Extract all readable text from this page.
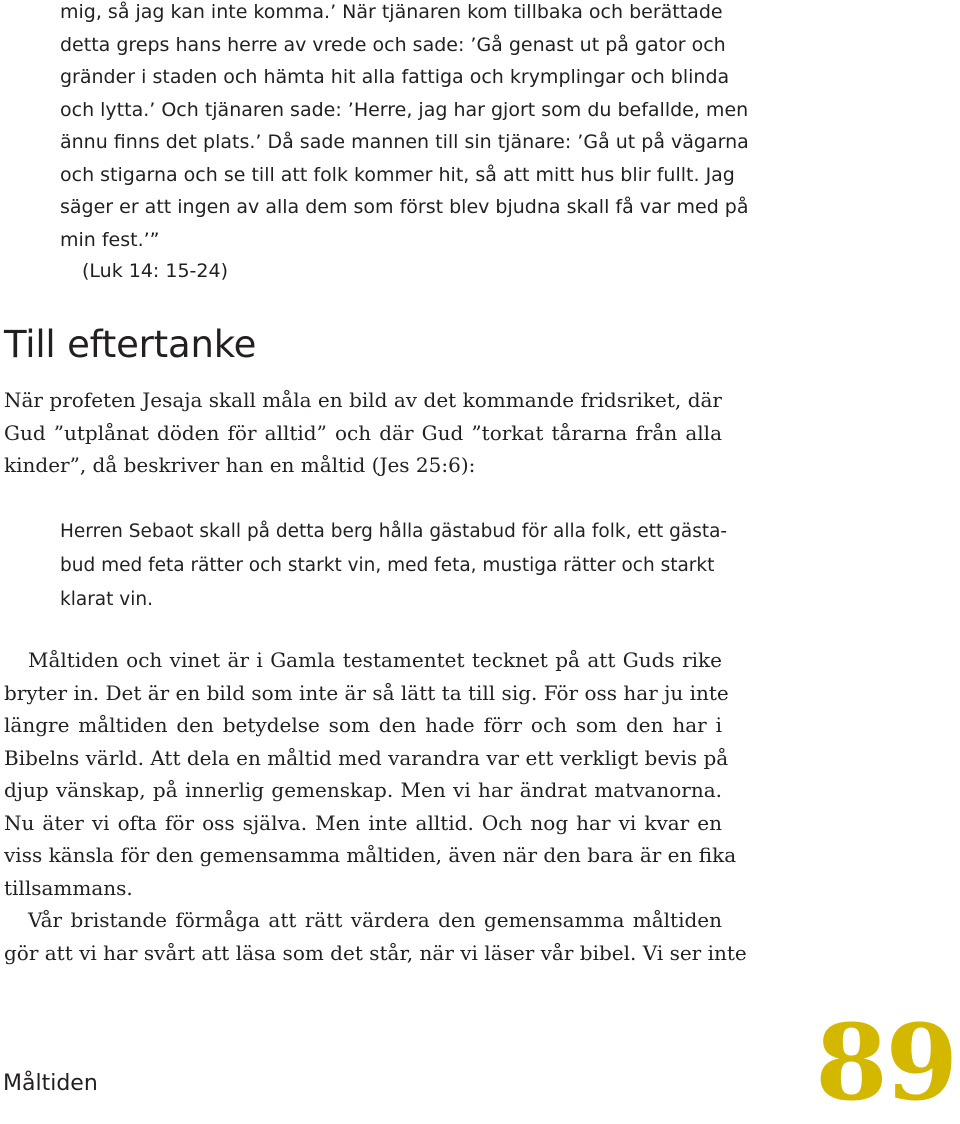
mig, så jag kan inte komma.’ När tjänaren kom tillbaka och berättade
detta greps hans herre av vrede och sade: ’Gå genast ut på gator och
gränder i staden och hämta hit alla fattiga och krymplingar och blinda
och lytta.’ Och tjänaren sade: ’Herre, jag har gjort som du befallde, men
ännu finns det plats.’ Då sade mannen till sin tjänare: ’Gå ut på vägarna
och stigarna och se till att folk kommer hit, så att mitt hus blir fullt. Jag
säger er att ingen av alla dem som först blev bjudna skall få var med på
min fest.’”

(Luk 14: 15-24)

Till eftertanke
När profeten Jesaja skall måla en bild av det kommande fridsriket, där
Gud ”utplånat döden för alltid” och där Gud ”torkat tårarna från alla
kinder”, då beskriver han en måltid (Jes 25:6):
Herren Sebaot skall på detta berg hålla gästabud för alla folk, ett gästa-
bud med feta rätter och starkt vin, med feta, mustiga rätter och starkt
klarat vin.
Måltiden och vinet är i Gamla testamentet tecknet på att Guds rike
bryter in. Det är en bild som inte är så lätt ta till sig. För oss har ju inte
längre måltiden den betydelse som den hade förr och som den har i
Bibelns värld. Att dela en måltid med varandra var ett verkligt bevis på
djup vänskap, på innerlig gemenskap. Men vi har ändrat matvanorna.
Nu äter vi ofta för oss själva. Men inte alltid. Och nog har vi kvar en
viss känsla för den gemensamma måltiden, även när den bara är en fika
tillsammans.
Vår bristande förmåga att rätt värdera den gemensamma måltiden
gör att vi har svårt att läsa som det står, när vi läser vår bibel. Vi ser inte

Måltiden	89
